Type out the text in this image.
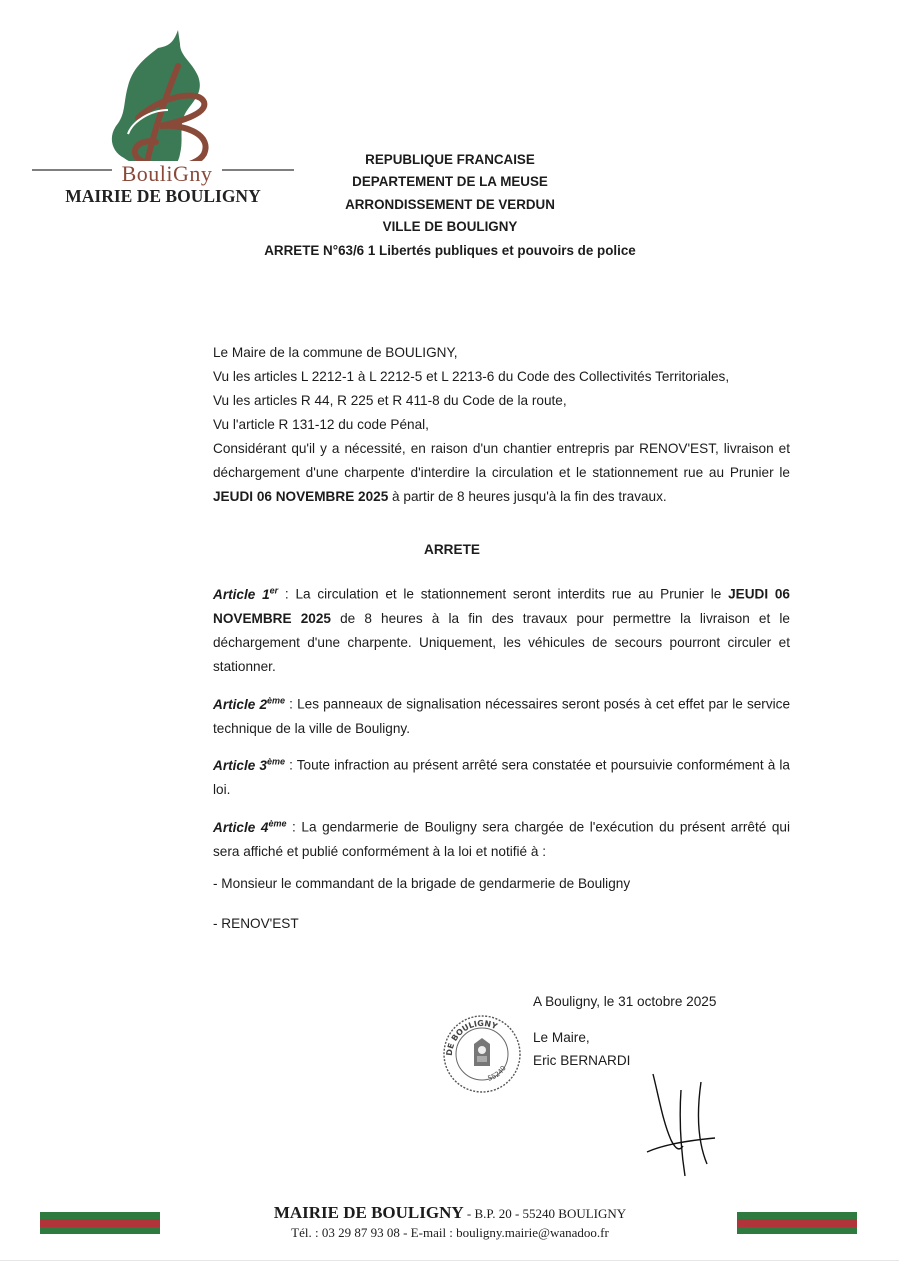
BouliGny
MAIRIE DE BOULIGNY
REPUBLIQUE FRANCAISE
DEPARTEMENT DE LA MEUSE
ARRONDISSEMENT DE VERDUN
VILLE DE BOULIGNY
ARRETE N°63/6 1 Libertés publiques et pouvoirs de police

Le Maire de la commune de BOULIGNY,

Vu les articles L 2212-1 à L 2212-5 et L 2213-6 du Code des Collectivités Territoriales,

Vu les articles R 44, R 225 et R 411-8 du Code de la route,

Vu l'article R 131-12 du code Pénal,

Considérant qu'il y a nécessité, en raison d'un chantier entrepris par RENOV'EST, livraison et déchargement d'une charpente d'interdire la circulation et le stationnement rue au Prunier le JEUDI 06 NOVEMBRE 2025 à partir de 8 heures jusqu'à la fin des travaux.

ARRETE

Article 1er : La circulation et le stationnement seront interdits rue au Prunier le JEUDI 06 NOVEMBRE 2025 de 8 heures à la fin des travaux pour permettre la livraison et le déchargement d'une charpente. Uniquement, les véhicules de secours pourront circuler et stationner.

Article 2ème : Les panneaux de signalisation nécessaires seront posés à cet effet par le service technique de la ville de Bouligny.

Article 3ème : Toute infraction au présent arrêté sera constatée et poursuivie conformément à la loi.

Article 4ème : La gendarmerie de Bouligny sera chargée de l'exécution du présent arrêté qui sera affiché et publié conformément à la loi et notifié à :

- Monsieur le commandant de la brigade de gendarmerie de Bouligny
- RENOV'EST
A Bouligny, le 31 octobre 2025
Le Maire,
Eric BERNARDI
DE BOULIGNY
55240
MAIRIE DE BOULIGNY - B.P. 20 - 55240 BOULIGNY
Tél. : 03 29 87 93 08 - E-mail : bouligny.mairie@wanadoo.fr
